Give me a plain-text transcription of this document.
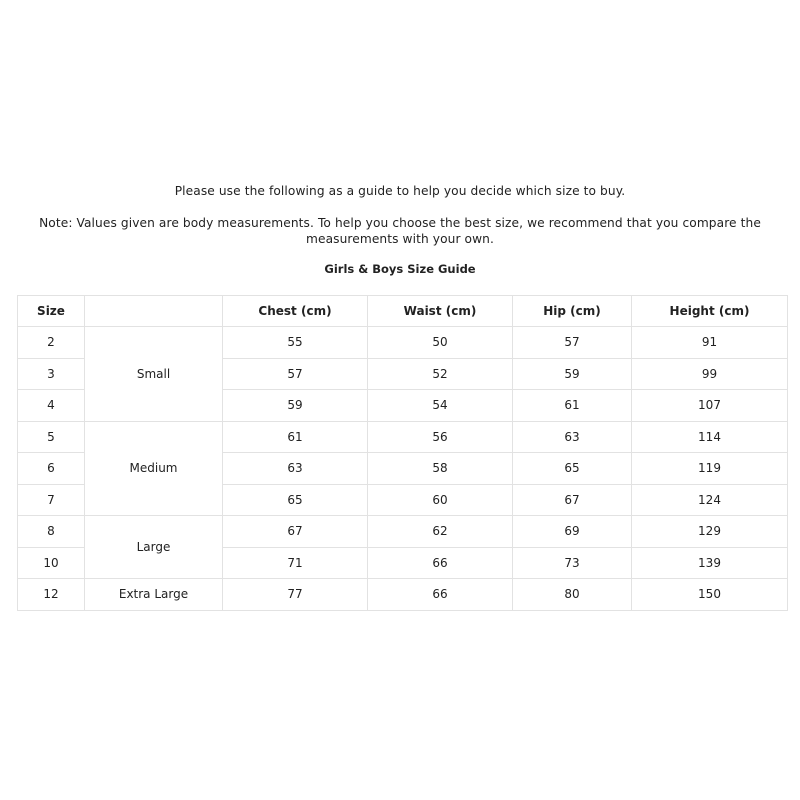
Please use the following as a guide to help you decide which size to buy.

Note: Values given are body measurements. To help you choose the best size, we recommend that you compare the measurements with your own.

Girls & Boys Size Guide
Size		Chest (cm)	Waist (cm)	Hip (cm)	Height (cm)
2	Small	55	50	57	91
3		57	52	59	99
4		59	54	61	107
5	Medium	61	56	63	114
6		63	58	65	119
7		65	60	67	124
8	Large	67	62	69	129
10		71	66	73	139
12	Extra Large	77	66	80	150
